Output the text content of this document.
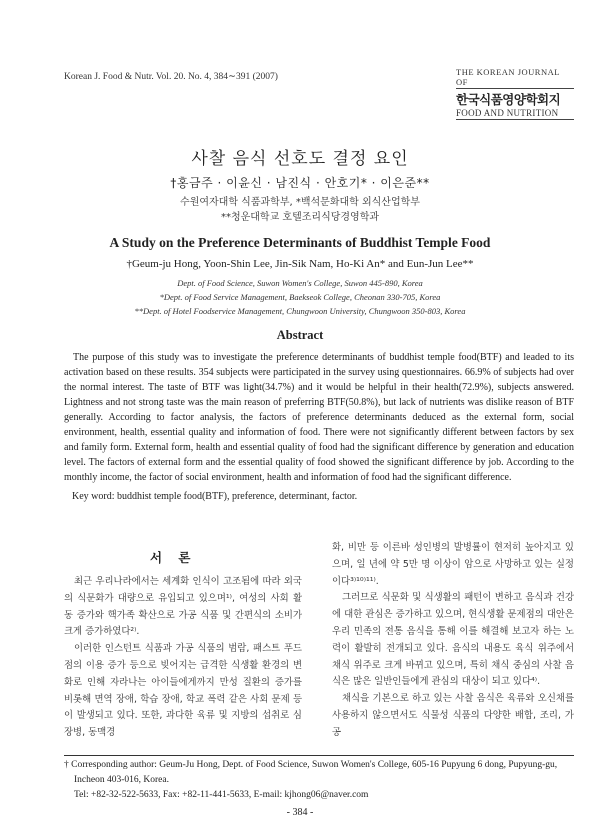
Korean J. Food & Nutr. Vol. 20. No. 4, 384∼391 (2007)	THE KOREAN JOURNAL OF
한국식품영양학회지
FOOD AND NUTRITION
사찰 음식 선호도 결정 요인
†홍금주 · 이윤신 · 남진식 · 안호기* · 이은준**
수원여자대학 식품과학부, *백석문화대학 외식산업학부
**청운대학교 호텔조리식당경영학과
A Study on the Preference Determinants of Buddhist Temple Food
†Geum-ju Hong, Yoon-Shin Lee, Jin-Sik Nam, Ho-Ki An* and Eun-Jun Lee**
Dept. of Food Science, Suwon Women's College, Suwon 445-890, Korea
*Dept. of Food Service Management, Baekseok College, Cheonan 330-705, Korea
**Dept. of Hotel Foodservice Management, Chungwoon University, Chungwoon 350-803, Korea
Abstract
The purpose of this study was to investigate the preference determinants of buddhist temple food(BTF) and leaded to its activation based on these results. 354 subjects were participated in the survey using questionnaires. 66.9% of subjects had over the normal interest. The taste of BTF was light(34.7%) and it would be helpful in their health(72.9%), subjects answered. Lightness and not strong taste was the main reason of preferring BTF(50.8%), but lack of nutrients was dislike reason of BTF generally. According to factor analysis, the factors of preference determinants deduced as the external form, social environment, health, essential quality and information of food. There were not significantly different between factors by sex and family form. External form, health and essential quality of food had the significant difference by generation and education level. The factors of external form and the essential quality of food showed the significant difference by job. According to the monthly income, the factor of social environment, health and information of food had the significant difference.
Key word: buddhist temple food(BTF), preference, determinant, factor.
서 론

최근 우리나라에서는 세계화 인식이 고조됨에 따라 외국의 식문화가 대량으로 유입되고 있으며¹⁾, 여성의 사회 활동 증가와 핵가족 확산으로 가공 식품 및 간편식의 소비가 크게 증가하였다²⁾.

이러한 인스턴트 식품과 가공 식품의 범람, 패스트 푸드점의 이용 증가 등으로 빚어지는 급격한 식생활 환경의 변화로 인해 자라나는 아이들에게까지 만성 질환의 증가를 비롯해 면역 장애, 학습 장애, 학교 폭력 같은 사회 문제 등이 발생되고 있다. 또한, 과다한 육류 및 지방의 섭취로 심장병, 동맥경

화, 비만 등 이른바 성인병의 발병률이 현저히 높아지고 있으며, 일 년에 약 5만 명 이상이 암으로 사망하고 있는 실정이다³⁾¹⁰⁾¹¹⁾.

그러므로 식문화 및 식생활의 패턴이 변하고 음식과 건강에 대한 관심은 증가하고 있으며, 현식생활 문제점의 대안은 우리 민족의 전통 음식을 통해 이를 해결해 보고자 하는 노력이 활발히 전개되고 있다. 음식의 내용도 육식 위주에서 채식 위주로 크게 바뀌고 있으며, 특히 채식 중심의 사찰 음식은 많은 일반인들에게 관심의 대상이 되고 있다⁴⁾.

채식을 기본으로 하고 있는 사찰 음식은 육류와 오신채를 사용하지 않으면서도 식물성 식품의 다양한 배합, 조리, 가공

† Corresponding author: Geum-Ju Hong, Dept. of Food Science, Suwon Women's College, 605-16 Pupyung 6 dong, Pupyung-gu,
Incheon 403-016, Korea.
Tel: +82-32-522-5633, Fax: +82-11-441-5633, E-mail: kjhong06@naver.com
- 384 -
